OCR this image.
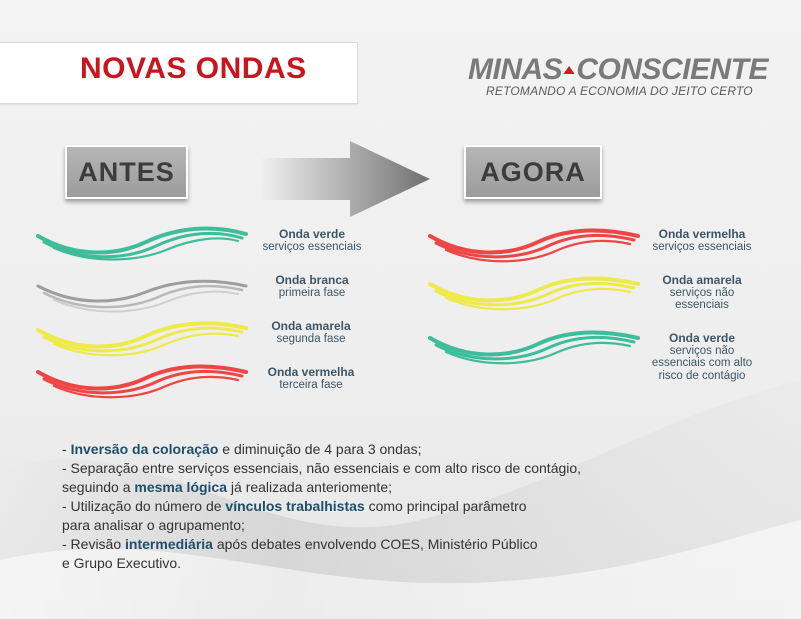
NOVAS ONDAS	MINAS CONSCIENTE
RETOMANDO A ECONOMIA DO JEITO CERTO
ANTES	AGORA
Onda verde
serviços essenciais
Onda branca
primeira fase
Onda amarela
segunda fase
Onda vermelha
terceira fase
Onda vermelha
serviços essenciais
Onda amarela
serviços não
essenciais
Onda verde
serviços não
essenciais com alto
risco de contágio
- Inversão da coloração e diminuição de 4 para 3 ondas;
- Separação entre serviços essenciais, não essenciais e com alto risco de contágio,
seguindo a mesma lógica já realizada anteriomente;
- Utilização do número de vínculos trabalhistas como principal parâmetro
para analisar o agrupamento;
- Revisão intermediária após debates envolvendo COES, Ministério Público
e Grupo Executivo.
